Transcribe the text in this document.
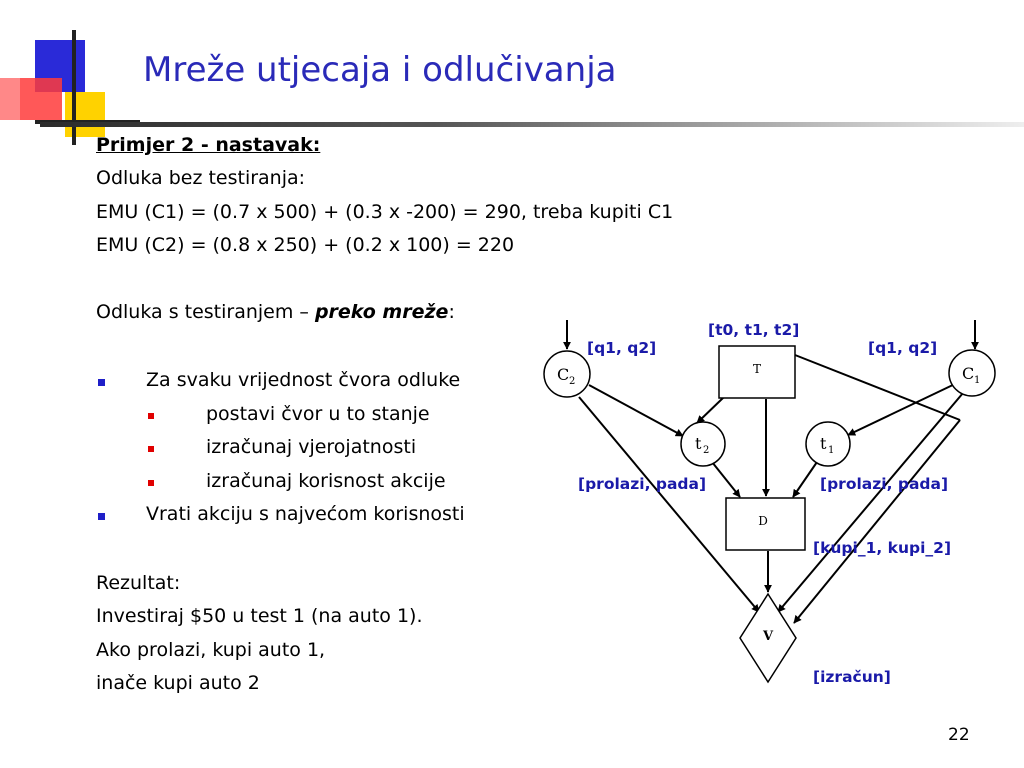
Mreže utjecaja i odlučivanja
Primjer 2 - nastavak:
Odluka bez testiranja:
EMU (C1) = (0.7 x 500) + (0.3 x -200) = 290, treba kupiti C1
EMU (C2) = (0.8 x 250) + (0.2 x 100) = 220
Odluka s testiranjem – preko mreže:
Za svaku vrijednost čvora odluke
postavi čvor u to stanje
izračunaj vjerojatnosti
izračunaj korisnost akcije
Vrati akciju s najvećom korisnosti
Rezultat:
Investiraj $50 u test 1 (na auto 1).
Ako prolazi, kupi auto 1,
inače kupi auto 2
C 2	C 1
t 2	t 1
T
D
V
[t0, t1, t2]
[q1, q2]	[q1, q2]
[prolazi, pada]	[prolazi, pada]
[kupi_1, kupi_2]
[izračun]
22
